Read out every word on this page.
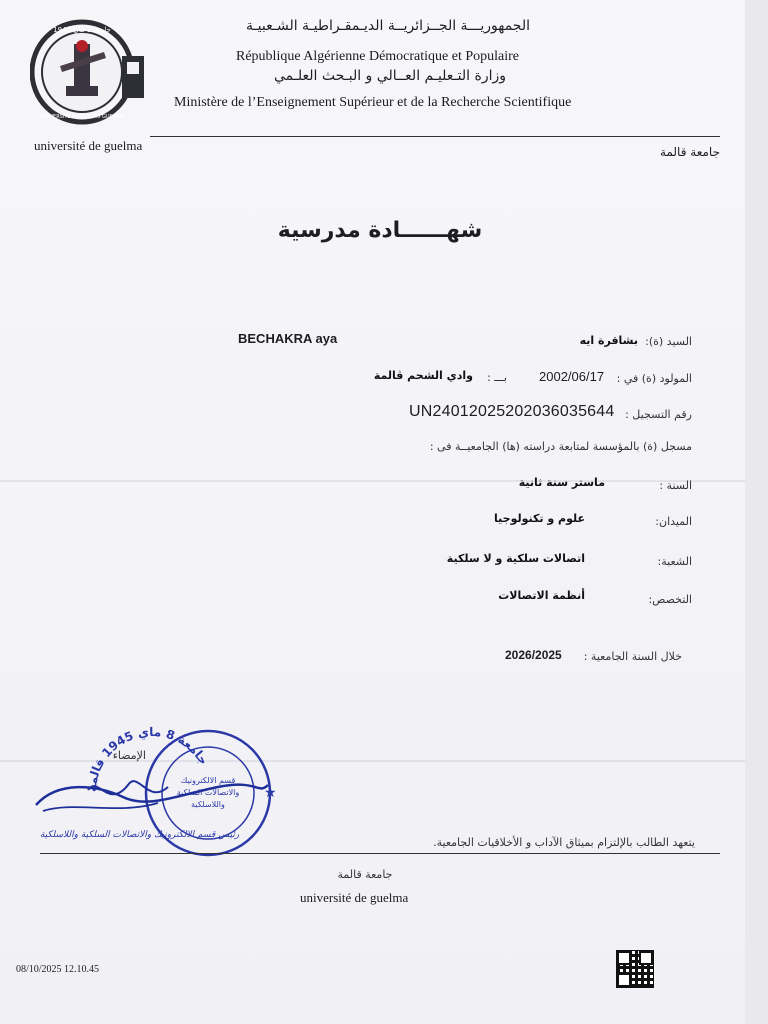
جامعة 8 ماي 1945
UNIVERSITE 8 MAI 1945 GUELMA
الجمهوريـــة الجــزائريــة الديـمقـراطيـة الشـعبيـة
République Algérienne Démocratique et Populaire
وزارة التـعليـم العــالي و البـحث العلـمي
Ministère de l’Enseignement Supérieur et de la Recherche Scientifique
université de guelma	جامعة قالمة
شهــــــادة مدرسية
السيد (ة):
بشاقرة ايه
BECHAKRA aya
المولود (ة) في :
2002/06/17
بـــ :
وادي الشحم ڤالمة
رقم التسجيل :
UN24012025202036035644
مسجل (ة) بالمؤسسة لمتابعة دراسته (ها) الجامعيــة فى :
السنة :
ماستر سنة ثانية
الميدان:
علوم و تكنولوجيا
الشعبة:
اتصالات سلكية و لا سلكية
التخصص:
أنظمة الاتصالات
خلال السنة الجامعية :
2026/2025
الإمضاء
جامعة 8 ماي 1945 قالمة
قسم الالكترونيك
والاتصالات السلكية
واللاسلكية
★
رئيس قسم الالكترونيك والاتصالات السلكية واللاسلكية
يتعهد الطالب بالإلتزام بميثاق الآداب و الأخلاقيات الجامعية.
جامعة قالمة
université de guelma
08/10/2025 12.10.45
